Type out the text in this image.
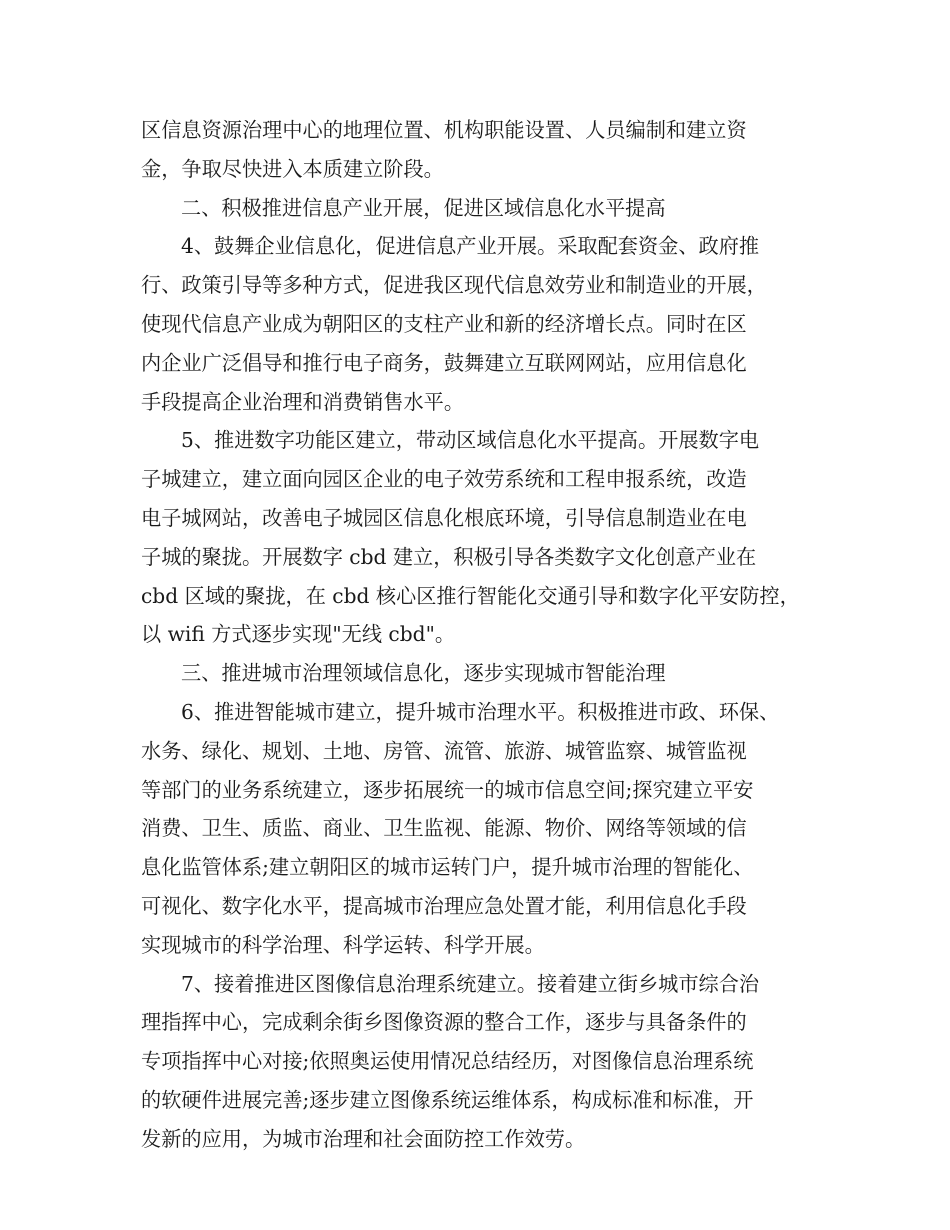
区信息资源治理中心的地理位置、机构职能设置、人员编制和建立资
金，争取尽快进入本质建立阶段。
二、积极推进信息产业开展，促进区域信息化水平提高
4、鼓舞企业信息化，促进信息产业开展。采取配套资金、政府推
行、政策引导等多种方式，促进我区现代信息效劳业和制造业的开展，
使现代信息产业成为朝阳区的支柱产业和新的经济增长点。同时在区
内企业广泛倡导和推行电子商务，鼓舞建立互联网网站，应用信息化
手段提高企业治理和消费销售水平。
5、推进数字功能区建立，带动区域信息化水平提高。开展数字电
子城建立，建立面向园区企业的电子效劳系统和工程申报系统，改造
电子城网站，改善电子城园区信息化根底环境，引导信息制造业在电
子城的聚拢。开展数字 cbd 建立，积极引导各类数字文化创意产业在
cbd 区域的聚拢，在 cbd 核心区推行智能化交通引导和数字化平安防控，
以 wifi 方式逐步实现"无线 cbd"。
三、推进城市治理领域信息化，逐步实现城市智能治理
6、推进智能城市建立，提升城市治理水平。积极推进市政、环保、
水务、绿化、规划、土地、房管、流管、旅游、城管监察、城管监视
等部门的业务系统建立，逐步拓展统一的城市信息空间;探究建立平安
消费、卫生、质监、商业、卫生监视、能源、物价、网络等领域的信
息化监管体系;建立朝阳区的城市运转门户，提升城市治理的智能化、
可视化、数字化水平，提高城市治理应急处置才能，利用信息化手段
实现城市的科学治理、科学运转、科学开展。
7、接着推进区图像信息治理系统建立。接着建立街乡城市综合治
理指挥中心，完成剩余街乡图像资源的整合工作，逐步与具备条件的
专项指挥中心对接;依照奥运使用情况总结经历，对图像信息治理系统
的软硬件进展完善;逐步建立图像系统运维体系，构成标准和标准，开
发新的应用，为城市治理和社会面防控工作效劳。
